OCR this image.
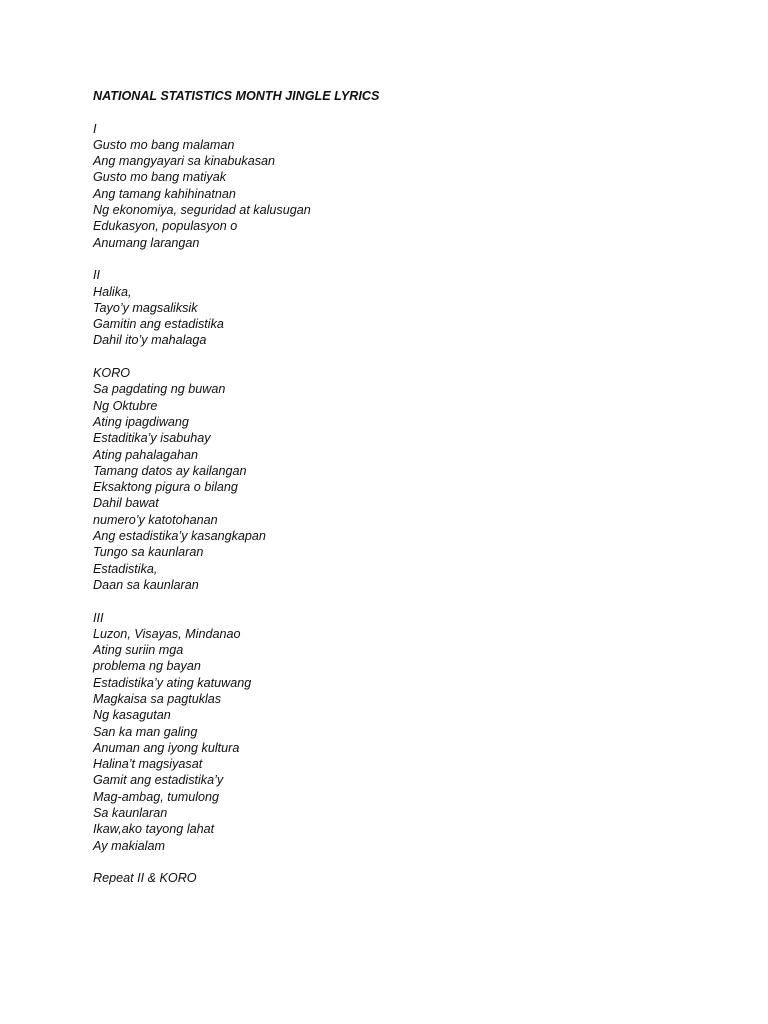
NATIONAL STATISTICS MONTH JINGLE LYRICS
I
Gusto mo bang malaman
Ang mangyayari sa kinabukasan
Gusto mo bang matiyak
Ang tamang kahihinatnan
Ng ekonomiya, seguridad at kalusugan
Edukasyon, populasyon o
Anumang larangan
II
Halika,
Tayo’y magsaliksik
Gamitin ang estadistika
Dahil ito’y mahalaga
KORO
Sa pagdating ng buwan
Ng Oktubre
Ating ipagdiwang
Estaditika’y isabuhay
Ating pahalagahan
Tamang datos ay kailangan
Eksaktong pigura o bilang
Dahil bawat
numero’y katotohanan
Ang estadistika’y kasangkapan
Tungo sa kaunlaran
Estadistika,
Daan sa kaunlaran
III
Luzon, Visayas, Mindanao
Ating suriin mga
problema ng bayan
Estadistika’y ating katuwang
Magkaisa sa pagtuklas
Ng kasagutan
San ka man galing
Anuman ang iyong kultura
Halina’t magsiyasat
Gamit ang estadistika’y
Mag-ambag, tumulong
Sa kaunlaran
Ikaw,ako tayong lahat
Ay makialam
Repeat II & KORO
